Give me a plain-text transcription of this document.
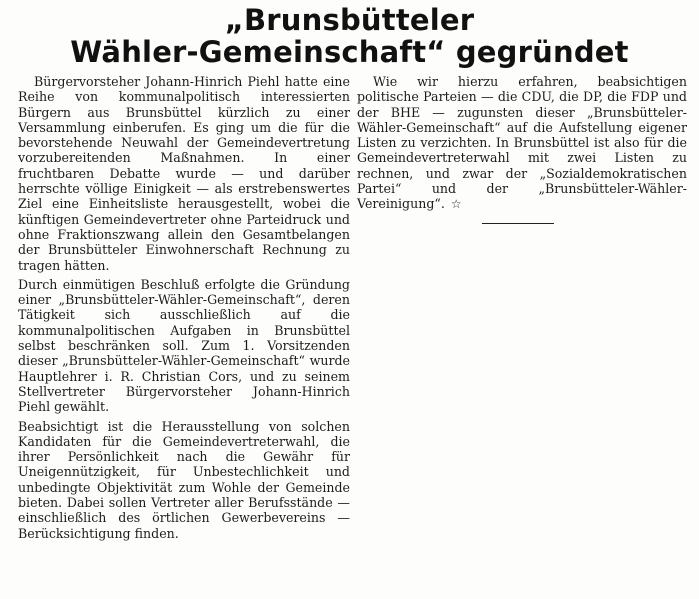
„Brunsbütteler
Wähler-Gemeinschaft“ gegründet

Bürgervorsteher Johann-Hinrich Piehl hatte eine Reihe von kommunalpolitisch interessierten Bürgern aus Brunsbüttel kürzlich zu einer Versammlung einberufen. Es ging um die für die bevorstehende Neuwahl der Gemeindevertretung vorzubereitenden Maßnahmen. In einer fruchtbaren Debatte wurde — und darüber herrschte völlige Einigkeit — als erstrebenswertes Ziel eine Einheitsliste herausgestellt, wobei die künftigen Gemeindevertreter ohne Parteidruck und ohne Fraktionszwang allein den Gesamtbelangen der Brunsbütteler Einwohnerschaft Rechnung zu tragen hätten.

Durch einmütigen Beschluß erfolgte die Gründung einer „Brunsbütteler-Wähler-Gemeinschaft“, deren Tätigkeit sich ausschließlich auf die kommunalpolitischen Aufgaben in Brunsbüttel selbst beschränken soll. Zum 1. Vorsitzenden dieser „Brunsbütteler-Wähler-Gemeinschaft“ wurde Hauptlehrer i. R. Christian Cors, und zu seinem Stellvertreter Bürgervorsteher Johann-Hinrich Piehl gewählt.

Beabsichtigt ist die Herausstellung von solchen Kandidaten für die Gemeindevertreterwahl, die ihrer Persönlichkeit nach die Gewähr für Uneigennützigkeit, für Unbestechlichkeit und unbedingte Objektivität zum Wohle der Gemeinde bieten. Dabei sollen Vertreter aller Berufsstände — einschließlich des örtlichen Gewerbevereins — Berücksichtigung finden.

Wie wir hierzu erfahren, beabsichtigen politische Parteien — die CDU, die DP, die FDP und der BHE — zugunsten dieser „Brunsbütteler-Wähler-Gemeinschaft“ auf die Aufstellung eigener Listen zu verzichten. In Brunsbüttel ist also für die Gemeindevertreterwahl mit zwei Listen zu rechnen, und zwar der „Sozialdemokratischen Partei“ und der „Brunsbütteler-Wähler-Vereinigung“. ☆
